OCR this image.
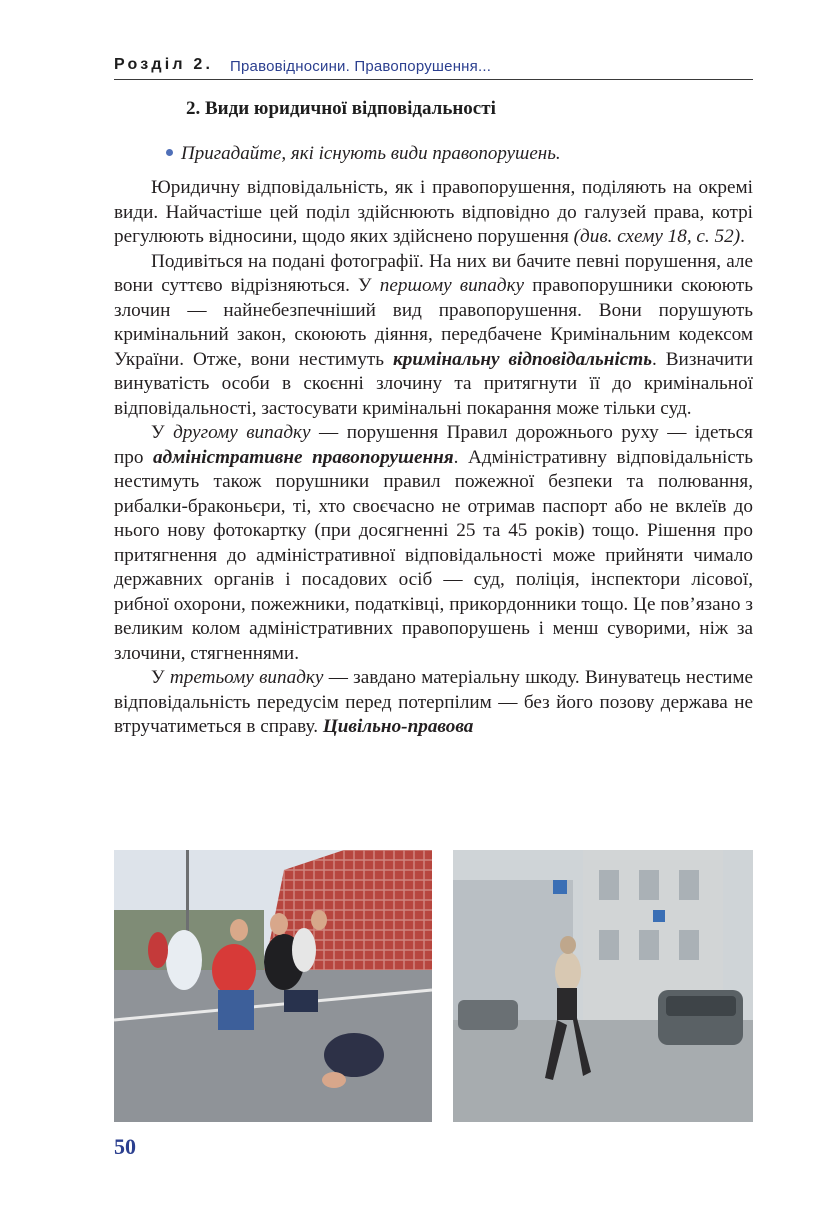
Розділ 2. Правовідносини. Правопорушення...
2. Види юридичної відповідальності
Пригадайте, які існують види правопорушень.

Юридичну відповідальність, як і правопорушення, поділяють на окремі види. Найчастіше цей поділ здійснюють відповідно до галузей права, котрі регулюють відносини, щодо яких здійснено порушення (див. схему 18, с. 52).

Подивіться на подані фотографії. На них ви бачите певні порушення, але вони суттєво відрізняються. У першому випадку правопорушники скоюють злочин — найнебезпечніший вид правопорушення. Вони порушують кримінальний закон, скоюють діяння, передбачене Кримінальним кодексом України. Отже, вони нестимуть кримінальну відповідальність. Визначити винуватість особи в скоєнні злочину та притягнути її до кримінальної відповідальності, застосувати кримінальні покарання може тільки суд.

У другому випадку — порушення Правил дорожнього руху — ідеться про адміністративне правопорушення. Адміністративну відповідальність нестимуть також порушники правил пожежної безпеки та полювання, рибалки-браконьєри, ті, хто своєчасно не отримав паспорт або не вклеїв до нього нову фотокартку (при досягненні 25 та 45 років) тощо. Рішення про притягнення до адміністративної відповідальності може прийняти чимало державних органів і посадових осіб — суд, поліція, інспектори лісової, рибної охорони, пожежники, податківці, прикордонники тощо. Це пов’язано з великим колом адміністративних правопорушень і менш суворими, ніж за злочини, стягненнями.

У третьому випадку — завдано матеріальну шкоду. Винуватець нестиме відповідальність передусім перед потерпілим — без його позову держава не втручатиметься в справу. Цивільно-правова

50
